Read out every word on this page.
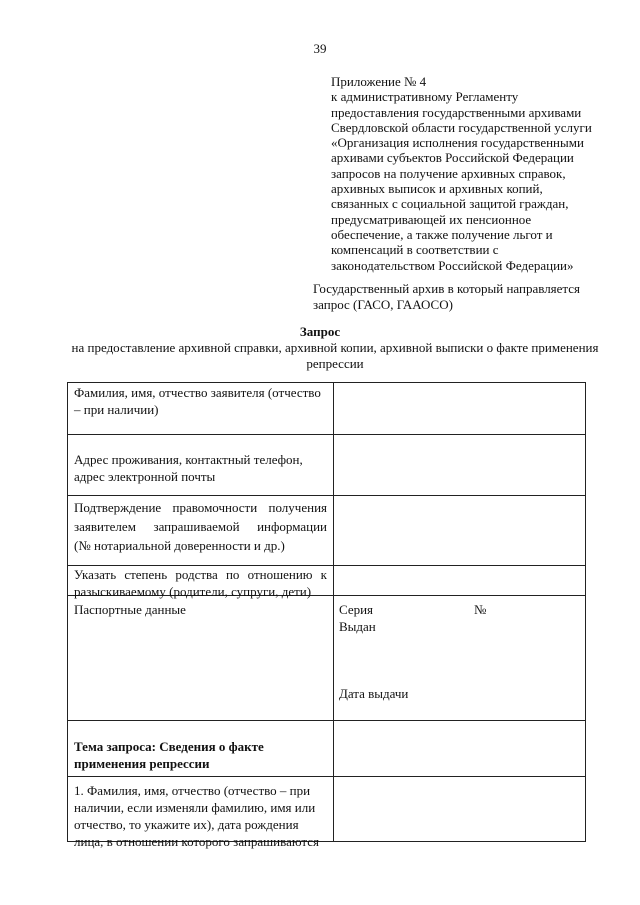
39
Приложение № 4
к административному Регламенту
предоставления государственными архивами
Свердловской области государственной услуги
«Организация исполнения государственными
архивами субъектов Российской Федерации
запросов на получение архивных справок,
архивных выписок и архивных копий,
связанных с социальной защитой граждан,
предусматривающей их пенсионное
обеспечение, а также получение льгот и
компенсаций в соответствии с
законодательством Российской Федерации»
Государственный архив в который направляется
запрос (ГАСО, ГААОСО)
Запрос
на предоставление архивной справки, архивной копии, архивной выписки о факте применения
репрессии
Фамилия, имя, отчество заявителя (отчество
– при наличии)
Адрес проживания, контактный телефон,
адрес электронной почты
Подтверждение правомочности получения
заявителем запрашиваемой информации
(№ нотариальной доверенности и др.)
Указать степень родства по отношению к
разыскиваемому (родители, супруги, дети)
Паспортные данные	Серия	№
Выдан
Дата выдачи
Тема запроса: Сведения о факте
применения репрессии
1. Фамилия, имя, отчество (отчество – при
наличии, если изменяли фамилию, имя или
отчество, то укажите их), дата рождения
лица, в отношении которого запрашиваются
